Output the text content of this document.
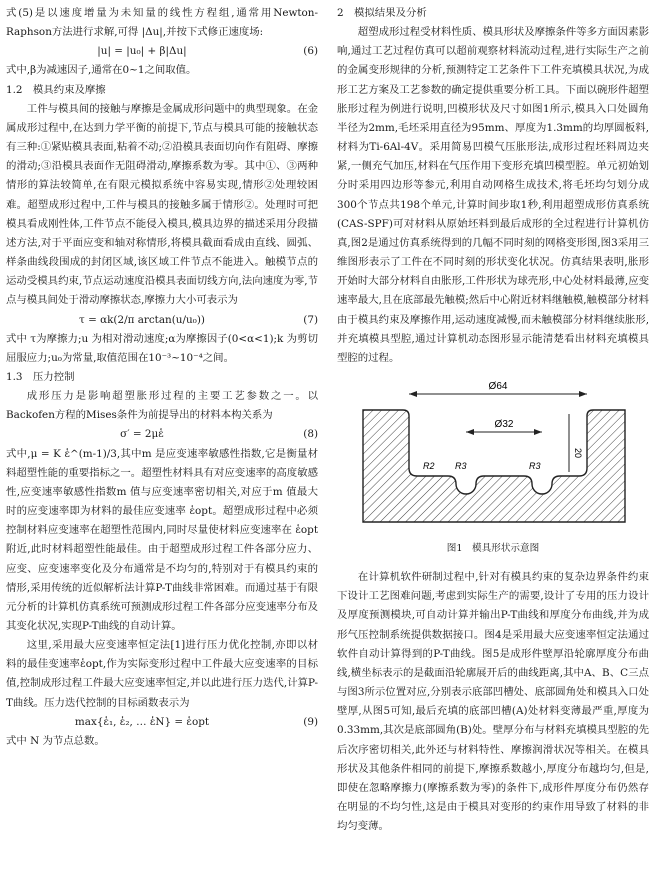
式(5)是以速度增量为未知量的线性方程组,通常用Newton-Raphson方法进行求解,可得 |Δu|,并按下式修正速度场:

|u| = |u₀| + β|Δu|	(6)

式中,β为减速因子,通常在0~1之间取值。

1.2　模具约束及摩擦

工件与模具间的接触与摩擦是金属成形问题中的典型现象。在金属成形过程中,在达到力学平衡的前提下,节点与模具可能的接触状态有三种:①紧贴模具表面,粘着不动;②沿模具表面切向作有阻碍、摩擦的滑动;③沿模具表面作无阻碍滑动,摩擦系数为零。其中①、③两种情形的算法较简单,在有限元模拟系统中容易实现,情形②处理较困难。超塑成形过程中,工件与模具的接触多属于情形②。处理时可把模具看成刚性体,工件节点不能侵入模具,模具边界的描述采用分段描述方法,对于平面应变和轴对称情形,将模具截面看成由直线、圆弧、样条曲线段围成的封闭区域,该区域工件节点不能进入。触模节点的运动受模具约束,节点运动速度沿模具表面切线方向,法向速度为零,节点与模具间处于滑动摩擦状态,摩擦力大小可表示为

τ = αk(2/π arctan(u/u₀))	(7)

式中 τ为摩擦力;u 为相对滑动速度;α为摩擦因子(0<α<1);k 为剪切屈服应力;u₀为常量,取值范围在10⁻³~10⁻⁴之间。

1.3　压力控制

成形压力是影响超塑胀形过程的主要工艺参数之一。以Backofen方程的Mises条件为前提导出的材料本构关系为

σ′ = 2μἑ	(8)

式中,μ = K ἑ^(m-1)/3,其中m 是应变速率敏感性指数,它是衡量材料超塑性能的重要指标之一。超塑性材料具有对应变速率的高度敏感性,应变速率敏感性指数m 值与应变速率密切相关,对应于m 值最大时的应变速率即为材料的最佳应变速率 ἑopt。超塑成形过程中必须控制材料应变速率在超塑性范围内,同时尽量使材料应变速率在 ἑopt附近,此时材料超塑性能最佳。由于超塑成形过程工件各部分应力、应变、应变速率变化及分布通常是不均匀的,特别对于有模具约束的情形,采用传统的近似解析法计算P-T曲线非常困难。而通过基于有限元分析的计算机仿真系统可预测成形过程工件各部分应变速率分布及其变化状况,实现P-T曲线的自动计算。

这里,采用最大应变速率恒定法[1]进行压力优化控制,亦即以材料的最佳变速率ἑopt,作为实际变形过程中工件最大应变速率的目标值,控制成形过程工件最大应变速率恒定,并以此进行压力迭代,计算P-T曲线。压力迭代控制的目标函数表示为

max{ἑ₁, ἑ₂, … ἑN} = ἑopt	(9)

式中 N 为节点总数。

2　模拟结果及分析

超塑成形过程受材料性质、模具形状及摩擦条件等多方面因素影响,通过工艺过程仿真可以超前观察材料流动过程,进行实际生产之前的金属变形规律的分析,预测特定工艺条件下工件充填模具状况,为成形工艺方案及工艺参数的确定提供重要分析工具。下面以碗形件超塑胀形过程为例进行说明,凹模形状及尺寸如图1所示,模具入口处圆角半径为2mm,毛坯采用直径为95mm、厚度为1.3mm的均厚圆板料,材料为Ti-6Al-4V。采用简易凹模气压胀形法,成形过程坯料周边夹紧,一侧充气加压,材料在气压作用下变形充填凹模型腔。单元初始划分时采用四边形等参元,利用自动网格生成技术,将毛坯均匀划分成300个节点共198个单元,计算时间步取1秒,利用超塑成形仿真系统(CAS-SPF)可对材料从原始坯料到最后成形的全过程进行计算机仿真,图2是通过仿真系统得到的几幅不同时刻的网格变形图,图3采用三维图形表示了工件在不同时刻的形状变化状况。仿真结果表明,胀形开始时大部分材料自由胀形,工件形状为球壳形,中心处材料最薄,应变速率最大,且在底部最先触模;然后中心附近材料继触模,触模部分材料由于模具约束及摩擦作用,运动速度减慢,而未触模部分材料继续胀形,并充填模具型腔,通过计算机动态图形显示能清楚看出材料充填模具型腔的过程。

Ø64
Ø32
20
R2 R3	R3
图1　模具形状示意图

在计算机软件研制过程中,针对有模具约束的复杂边界条件约束下设计工艺图难问题,考虑到实际生产的需要,设计了专用的压力设计及厚度预测模块,可自动计算并输出P-T曲线和厚度分布曲线,并为成形气压控制系统提供数据接口。图4是采用最大应变速率恒定法通过软件自动计算得到的P-T曲线。图5是成形件壁厚沿轮廓厚度分布曲线,横坐标表示的是截面沿轮廓展开后的曲线距离,其中A、B、C三点与图3所示位置对应,分别表示底部凹槽处、底部圆角处和模具入口处壁厚,从图5可知,最后充填的底部凹槽(A)处材料变薄最严重,厚度为0.33mm,其次是底部圆角(B)处。壁厚分布与材料充填模具型腔的先后次序密切相关,此外还与材料特性、摩擦润滑状况等相关。在模具形状及其他条件相同的前提下,摩擦系数越小,厚度分布越均匀,但是,即使在忽略摩擦力(摩擦系数为零)的条件下,成形件厚度分布仍然存在明显的不均匀性,这是由于模具对变形的约束作用导致了材料的非均匀变薄。
